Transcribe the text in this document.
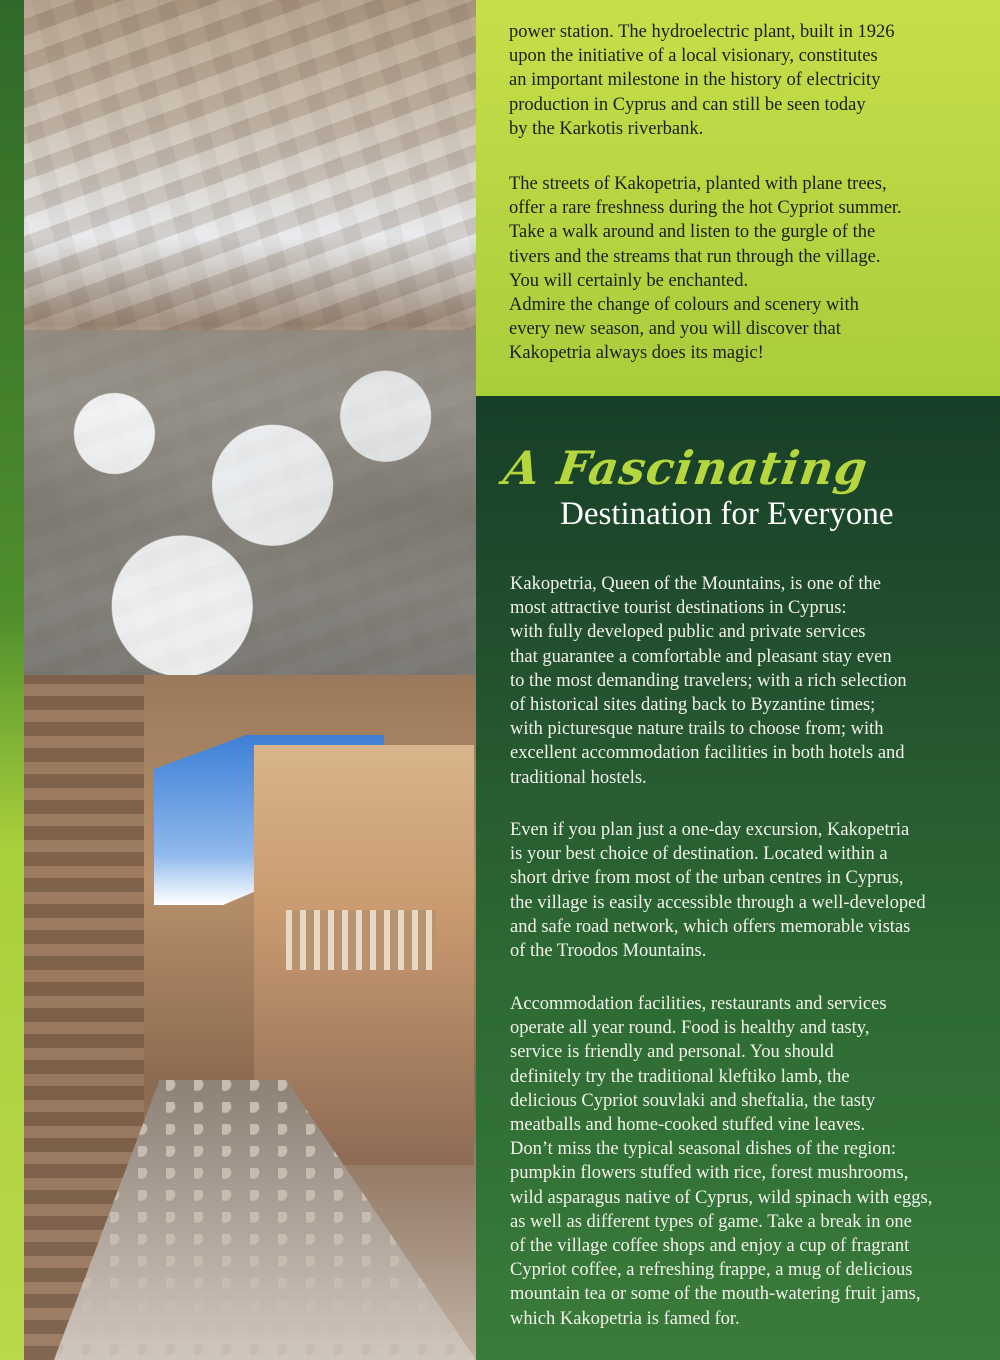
power station. The hydroelectric plant, built in 1926
upon the initiative of a local visionary, constitutes
an important milestone in the history of electricity
production in Cyprus and can still be seen today
by the Karkotis riverbank.

The streets of Kakopetria, planted with plane trees,
offer a rare freshness during the hot Cypriot summer.
Take a walk around and listen to the gurgle of the
tivers and the streams that run through the village.
You will certainly be enchanted.
Admire the change of colours and scenery with
every new season, and you will discover that
Kakopetria always does its magic!

A Fascinating
Destination for Everyone

Kakopetria, Queen of the Mountains, is one of the
most attractive tourist destinations in Cyprus:
with fully developed public and private services
that guarantee a comfortable and pleasant stay even
to the most demanding travelers; with a rich selection
of historical sites dating back to Byzantine times;
with picturesque nature trails to choose from; with
excellent accommodation facilities in both hotels and
traditional hostels.

Even if you plan just a one-day excursion, Kakopetria
is your best choice of destination. Located within a
short drive from most of the urban centres in Cyprus,
the village is easily accessible through a well-developed
and safe road network, which offers memorable vistas
of the Troodos Mountains.

Accommodation facilities, restaurants and services
operate all year round. Food is healthy and tasty,
service is friendly and personal. You should
definitely try the traditional kleftiko lamb, the
delicious Cypriot souvlaki and sheftalia, the tasty
meatballs and home-cooked stuffed vine leaves.
Don’t miss the typical seasonal dishes of the region:
pumpkin flowers stuffed with rice, forest mushrooms,
wild asparagus native of Cyprus, wild spinach with eggs,
as well as different types of game. Take a break in one
of the village coffee shops and enjoy a cup of fragrant
Cypriot coffee, a refreshing frappe, a mug of delicious
mountain tea or some of the mouth-watering fruit jams,
which Kakopetria is famed for.
